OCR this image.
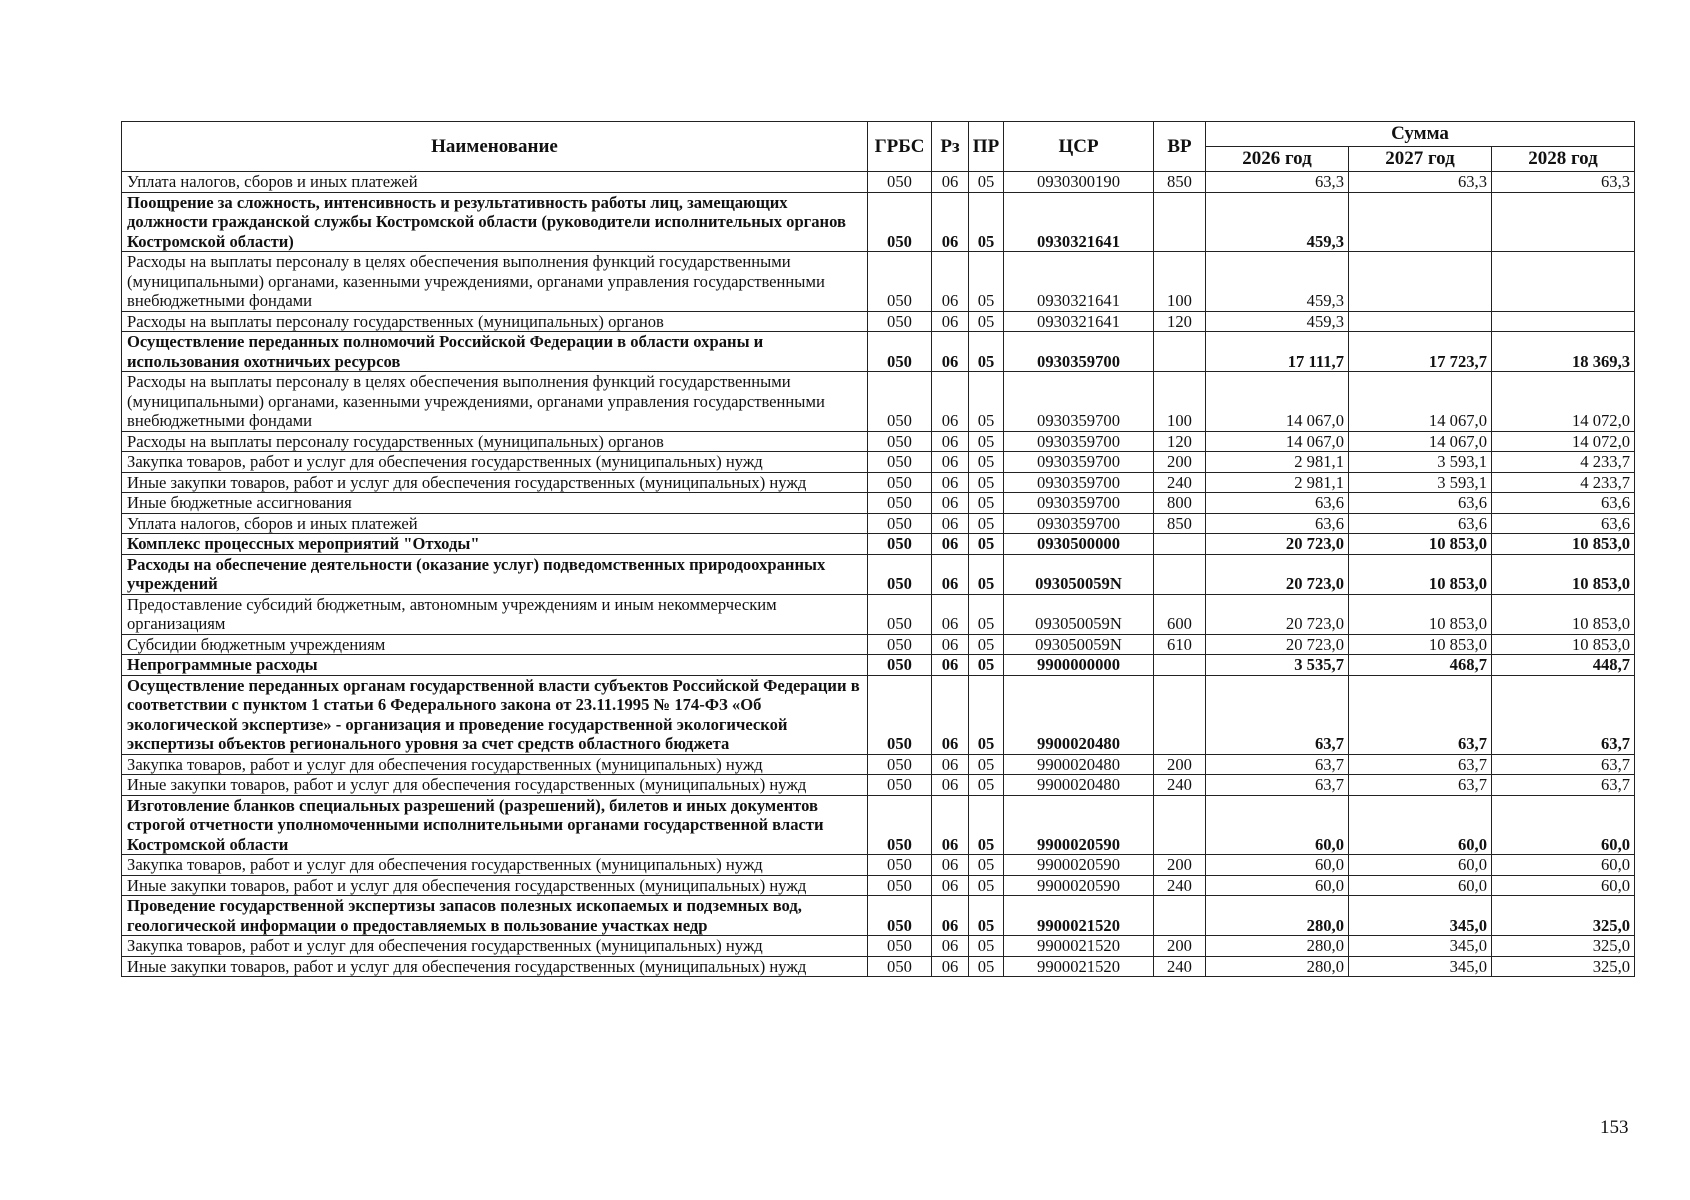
Наименование	ГРБС	Рз	ПР	ЦСР	ВР	Сумма		
						2026 год	2027 год	2028 год
Уплата налогов, сборов и иных платежей	050	06	05	0930300190	850	63,3	63,3	63,3
Поощрение за сложность, интенсивность и результативность работы лиц, замещающих должности гражданской службы Костромской области (руководители исполнительных органов Костромской области)	050	06	05	0930321641		459,3		
Расходы на выплаты персоналу в целях обеспечения выполнения функций государственными (муниципальными) органами, казенными учреждениями, органами управления государственными внебюджетными фондами	050	06	05	0930321641	100	459,3		
Расходы на выплаты персоналу государственных (муниципальных) органов	050	06	05	0930321641	120	459,3		
Осуществление переданных полномочий Российской Федерации в области охраны и использования охотничьих ресурсов	050	06	05	0930359700		17 111,7	17 723,7	18 369,3
Расходы на выплаты персоналу в целях обеспечения выполнения функций государственными (муниципальными) органами, казенными учреждениями, органами управления государственными внебюджетными фондами	050	06	05	0930359700	100	14 067,0	14 067,0	14 072,0
Расходы на выплаты персоналу государственных (муниципальных) органов	050	06	05	0930359700	120	14 067,0	14 067,0	14 072,0
Закупка товаров, работ и услуг для обеспечения государственных (муниципальных) нужд	050	06	05	0930359700	200	2 981,1	3 593,1	4 233,7
Иные закупки товаров, работ и услуг для обеспечения государственных (муниципальных) нужд	050	06	05	0930359700	240	2 981,1	3 593,1	4 233,7
Иные бюджетные ассигнования	050	06	05	0930359700	800	63,6	63,6	63,6
Уплата налогов, сборов и иных платежей	050	06	05	0930359700	850	63,6	63,6	63,6
Комплекс процессных мероприятий "Отходы"	050	06	05	0930500000		20 723,0	10 853,0	10 853,0
Расходы на обеспечение деятельности (оказание услуг) подведомственных природоохранных учреждений	050	06	05	093050059N		20 723,0	10 853,0	10 853,0
Предоставление субсидий бюджетным, автономным учреждениям и иным некоммерческим организациям	050	06	05	093050059N	600	20 723,0	10 853,0	10 853,0
Субсидии бюджетным учреждениям	050	06	05	093050059N	610	20 723,0	10 853,0	10 853,0
Непрограммные расходы	050	06	05	9900000000		3 535,7	468,7	448,7
Осуществление переданных органам государственной власти субъектов Российской Федерации в соответствии с пунктом 1 статьи 6 Федерального закона от 23.11.1995 № 174-ФЗ «Об экологической экспертизе» - организация и проведение государственной экологической экспертизы объектов регионального уровня за счет средств областного бюджета	050	06	05	9900020480		63,7	63,7	63,7
Закупка товаров, работ и услуг для обеспечения государственных (муниципальных) нужд	050	06	05	9900020480	200	63,7	63,7	63,7
Иные закупки товаров, работ и услуг для обеспечения государственных (муниципальных) нужд	050	06	05	9900020480	240	63,7	63,7	63,7
Изготовление бланков специальных разрешений (разрешений), билетов и иных документов строгой отчетности уполномоченными исполнительными органами государственной власти Костромской области	050	06	05	9900020590		60,0	60,0	60,0
Закупка товаров, работ и услуг для обеспечения государственных (муниципальных) нужд	050	06	05	9900020590	200	60,0	60,0	60,0
Иные закупки товаров, работ и услуг для обеспечения государственных (муниципальных) нужд	050	06	05	9900020590	240	60,0	60,0	60,0
Проведение государственной экспертизы запасов полезных ископаемых и подземных вод, геологической информации о предоставляемых в пользование участках недр	050	06	05	9900021520		280,0	345,0	325,0
Закупка товаров, работ и услуг для обеспечения государственных (муниципальных) нужд	050	06	05	9900021520	200	280,0	345,0	325,0
Иные закупки товаров, работ и услуг для обеспечения государственных (муниципальных) нужд	050	06	05	9900021520	240	280,0	345,0	325,0
153
